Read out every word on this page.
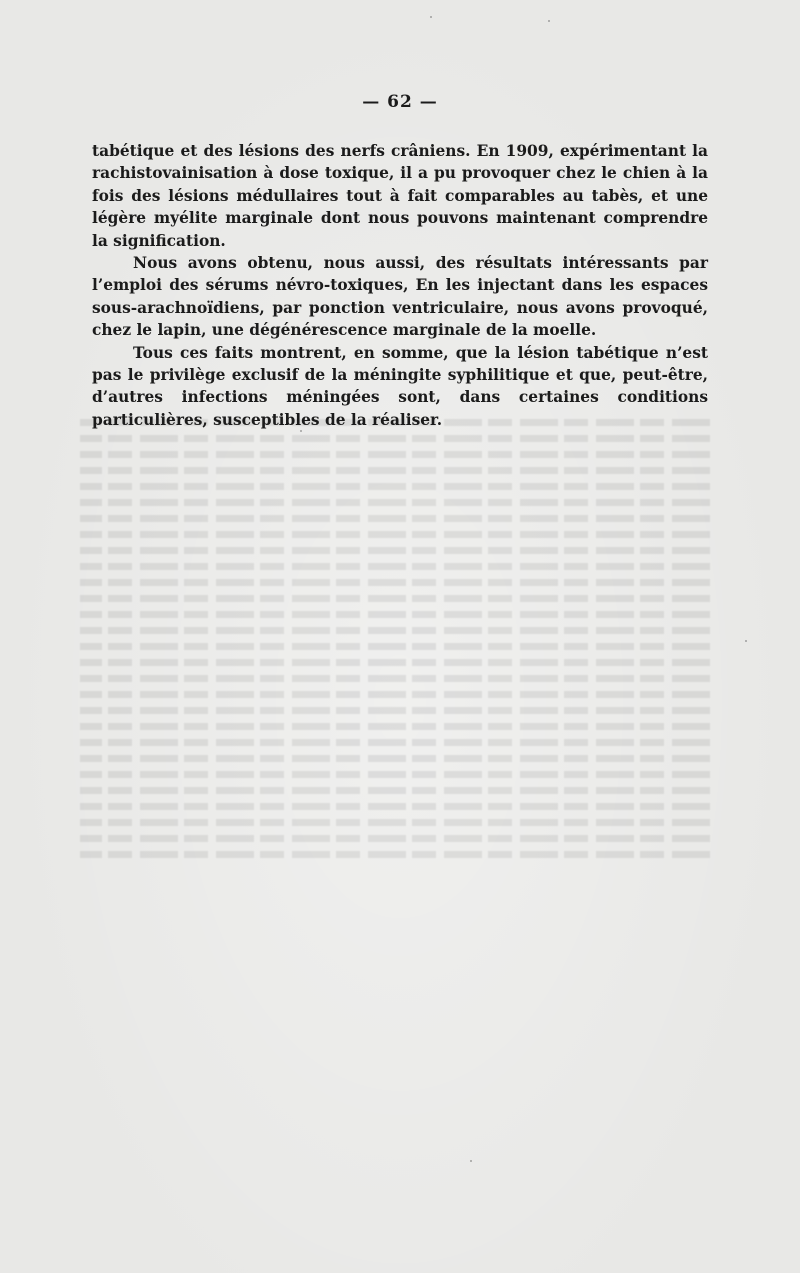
— 62 —

tabétique et des lésions des nerfs crâniens. En 1909, expérimentant la rachistovainisation à dose toxique, il a pu provoquer chez le chien à la fois des lésions médullaires tout à fait comparables au tabès, et une légère myélite marginale dont nous pouvons maintenant comprendre la signification.

Nous avons obtenu, nous aussi, des résultats intéressants par l’emploi des sérums névro-toxiques, En les injectant dans les espaces sous-arachnoïdiens, par ponction ventriculaire, nous avons provoqué, chez le lapin, une dégénérescence marginale de la moelle.

Tous ces faits montrent, en somme, que la lésion tabétique n’est pas le privilège exclusif de la méningite syphilitique et que, peut-être, d’autres infections méningées sont, dans certaines conditions particulières, susceptibles de la réaliser.
